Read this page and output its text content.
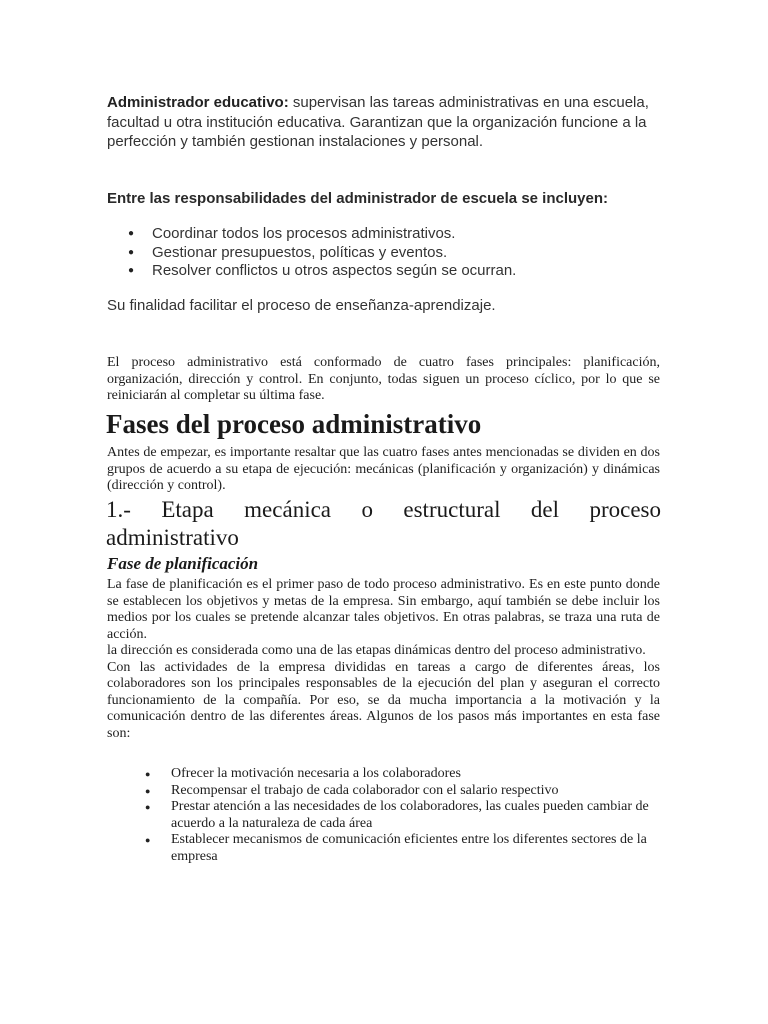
Administrador educativo: supervisan las tareas administrativas en una escuela, facultad u otra institución educativa. Garantizan que la organización funcione a la perfección y también gestionan instalaciones y personal.

Entre las responsabilidades del administrador de escuela se incluyen:

● Coordinar todos los procesos administrativos.
● Gestionar presupuestos, políticas y eventos.
● Resolver conflictos u otros aspectos según se ocurran.

Su finalidad facilitar el proceso de enseñanza-aprendizaje.

El proceso administrativo está conformado de cuatro fases principales: planificación, organización, dirección y control. En conjunto, todas siguen un proceso cíclico, por lo que se reiniciarán al completar su última fase.

Fases del proceso administrativo

Antes de empezar, es importante resaltar que las cuatro fases antes mencionadas se dividen en dos grupos de acuerdo a su etapa de ejecución: mecánicas (planificación y organización) y dinámicas (dirección y control).

1.- Etapa mecánica o estructural del proceso
administrativo
Fase de planificación
La fase de planificación es el primer paso de todo proceso administrativo. Es en este punto donde se establecen los objetivos y metas de la empresa. Sin embargo, aquí también se debe incluir los medios por los cuales se pretende alcanzar tales objetivos. En otras palabras, se traza una ruta de acción.
la dirección es considerada como una de las etapas dinámicas dentro del proceso administrativo.
Con las actividades de la empresa divididas en tareas a cargo de diferentes áreas, los colaboradores son los principales responsables de la ejecución del plan y aseguran el correcto funcionamiento de la compañía. Por eso, se da mucha importancia a la motivación y la comunicación dentro de las diferentes áreas. Algunos de los pasos más importantes en esta fase son:
● Ofrecer la motivación necesaria a los colaboradores
● Recompensar el trabajo de cada colaborador con el salario respectivo
● Prestar atención a las necesidades de los colaboradores, las cuales pueden cambiar de acuerdo a la naturaleza de cada área
● Establecer mecanismos de comunicación eficientes entre los diferentes sectores de la empresa
